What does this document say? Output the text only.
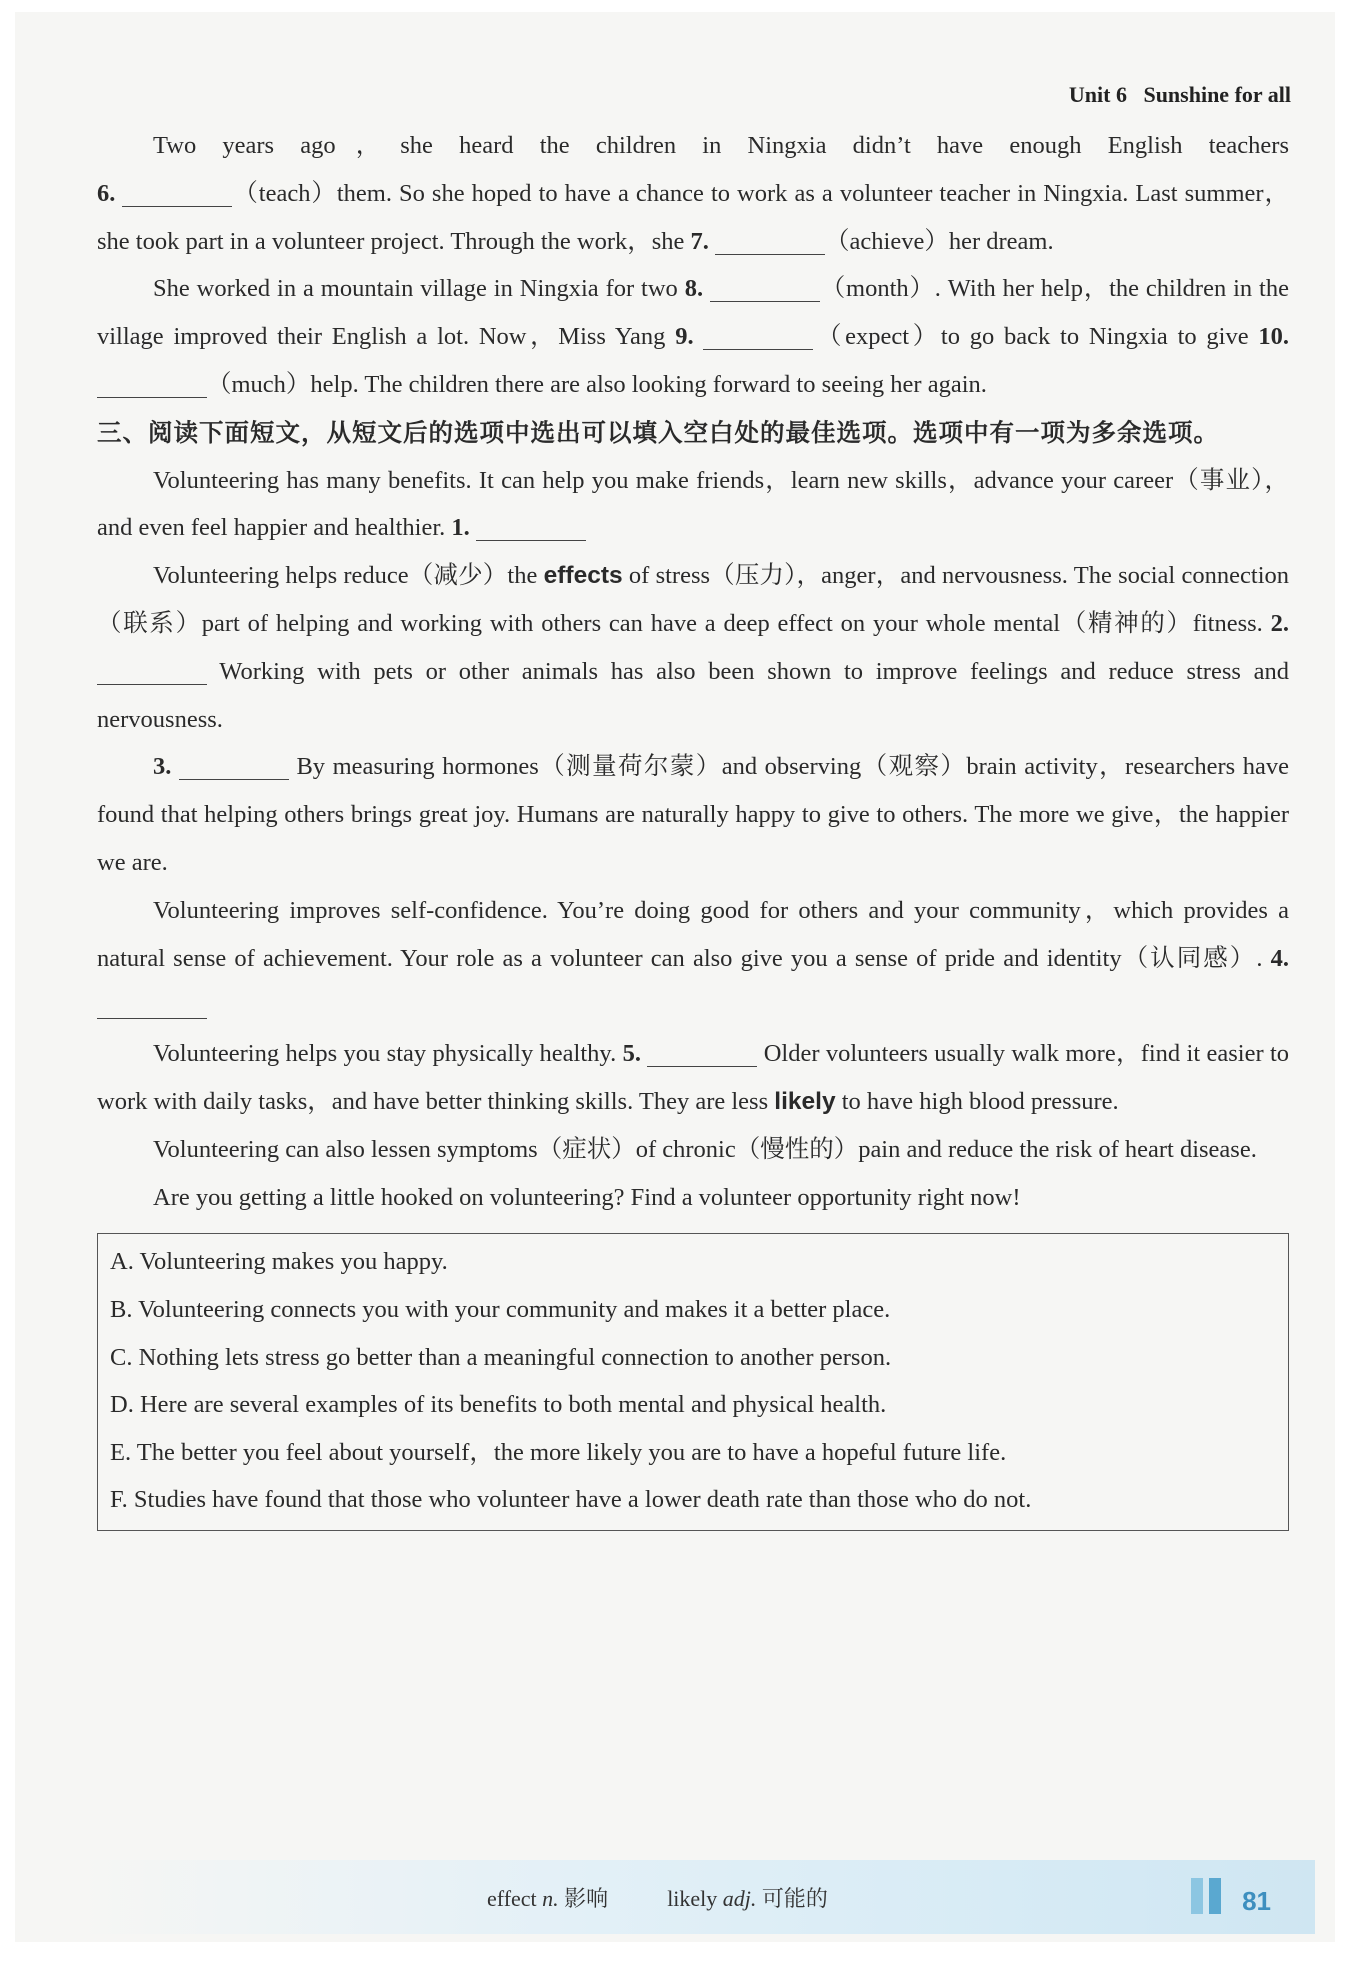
Unit 6 Sunshine for all

Two years ago，she heard the children in Ningxia didn’t have enough English teachers

6.	（teach）them. So she hoped to have a chance to work as a volunteer teacher in Ningxia. Last summer，she took part in a volunteer project. Through the work，she 7.	（achieve）her dream.

She worked in a mountain village in Ningxia for two 8.	（month）. With her help，the children in the village improved their English a lot. Now，Miss Yang 9.	（expect）to go back to Ningxia to give 10. （much）help. The children there are also looking forward to seeing her again.

三、阅读下面短文，从短文后的选项中选出可以填入空白处的最佳选项。选项中有一项为多余选项。

Volunteering has many benefits. It can help you make friends，learn new skills，advance your career（事业），and even feel happier and healthier. 1.

Volunteering helps reduce（减少）the effects of stress（压力），anger，and nervousness. The social connection（联系）part of helping and working with others can have a deep effect on your whole mental（精神的）fitness. 2.  Working with pets or other animals has also been shown to improve feelings and reduce stress and nervousness.

3.	By measuring hormones（测量荷尔蒙）and observing（观察）brain activity，researchers have found that helping others brings great joy. Humans are naturally happy to give to others. The more we give，the happier we are.

Volunteering improves self-confidence. You’re doing good for others and your community，which provides a natural sense of achievement. Your role as a volunteer can also give you a sense of pride and identity（认同感）. 4.

Volunteering helps you stay physically healthy. 5.	Older volunteers usually walk more，find it easier to work with daily tasks，and have better thinking skills. They are less likely to have high blood pressure.

Volunteering can also lessen symptoms（症状）of chronic（慢性的）pain and reduce the risk of heart disease.

Are you getting a little hooked on volunteering? Find a volunteer opportunity right now!

A. Volunteering makes you happy.
B. Volunteering connects you with your community and makes it a better place.
C. Nothing lets stress go better than a meaningful connection to another person.
D. Here are several examples of its benefits to both mental and physical health.
E. The better you feel about yourself，the more likely you are to have a hopeful future life.
F. Studies have found that those who volunteer have a lower death rate than those who do not.
effect n. 影响	likely adj. 可能的	81
